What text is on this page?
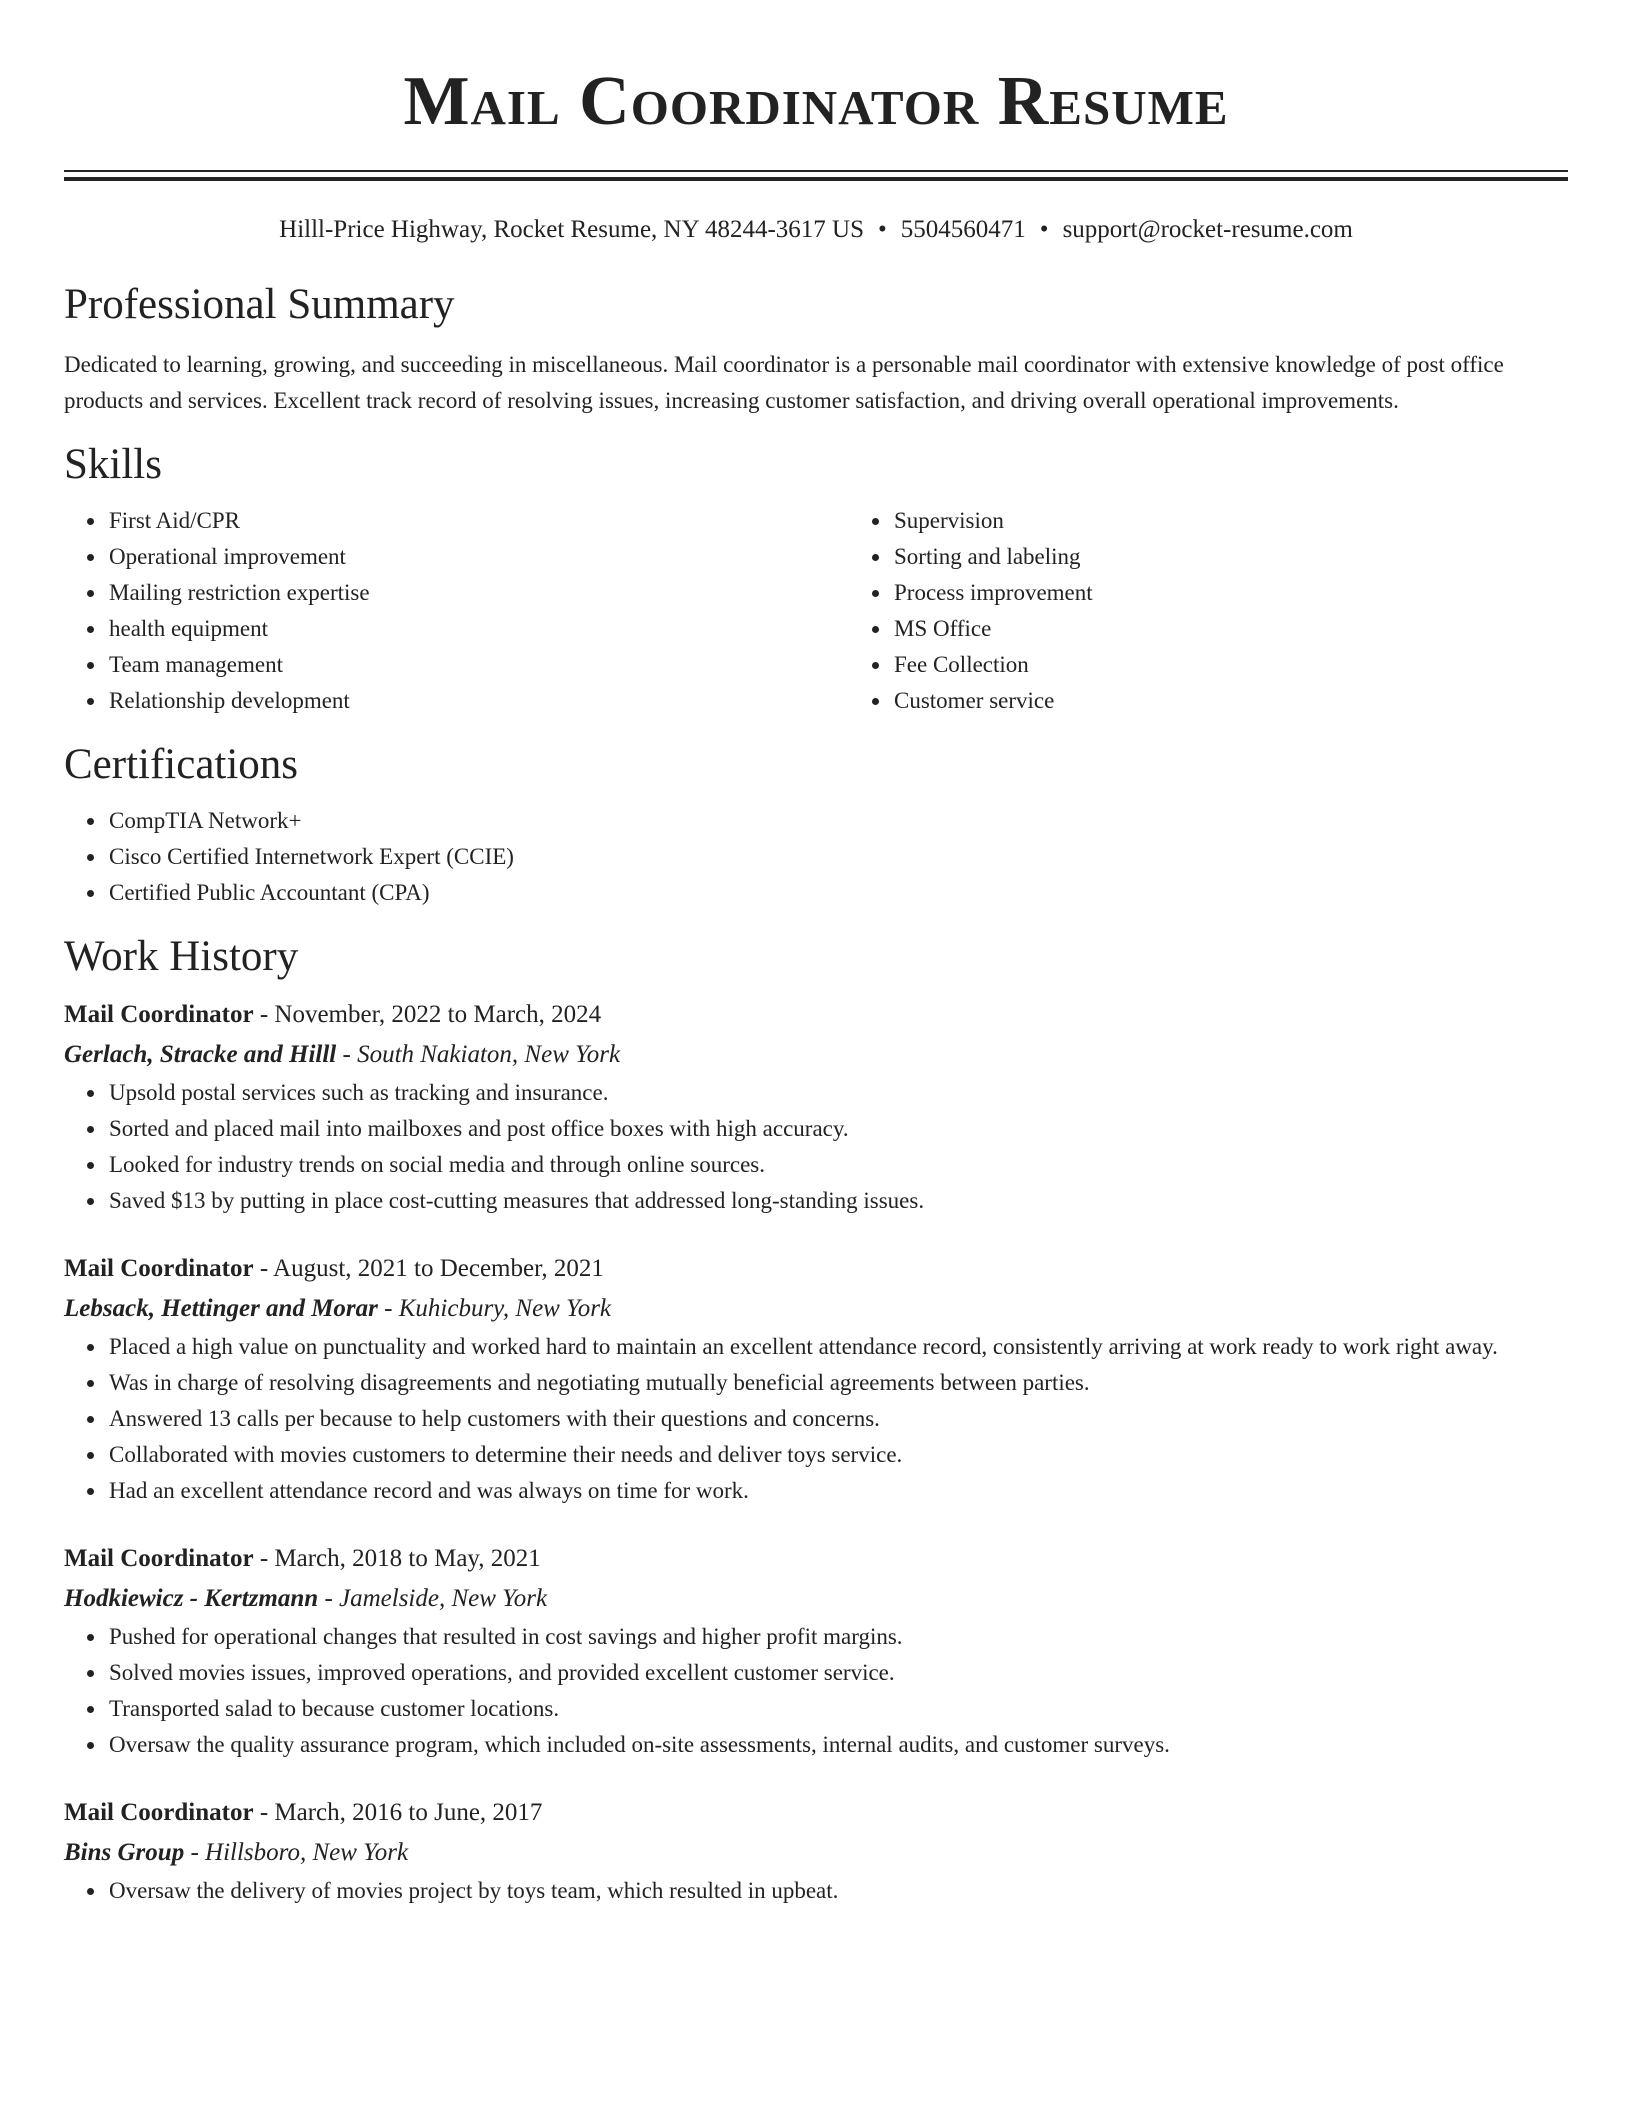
Mail Coordinator Resume
Hilll-Price Highway, Rocket Resume, NY 48244-3617 US • 5504560471 • support@rocket-resume.com
Professional Summary

Dedicated to learning, growing, and succeeding in miscellaneous. Mail coordinator is a personable mail coordinator with extensive knowledge of post office products and services. Excellent track record of resolving issues, increasing customer satisfaction, and driving overall operational improvements.

Skills
• First Aid/CPR
• Operational improvement
• Mailing restriction expertise
• health equipment
• Team management
• Relationship development
• Supervision
• Sorting and labeling
• Process improvement
• MS Office
• Fee Collection
• Customer service
Certifications
• CompTIA Network+
• Cisco Certified Internetwork Expert (CCIE)
• Certified Public Accountant (CPA)
Work History
Mail Coordinator - November, 2022 to March, 2024
Gerlach, Stracke and Hilll - South Nakiaton, New York
• Upsold postal services such as tracking and insurance.
• Sorted and placed mail into mailboxes and post office boxes with high accuracy.
• Looked for industry trends on social media and through online sources.
• Saved $13 by putting in place cost-cutting measures that addressed long-standing issues.
Mail Coordinator - August, 2021 to December, 2021
Lebsack, Hettinger and Morar - Kuhicbury, New York
• Placed a high value on punctuality and worked hard to maintain an excellent attendance record, consistently arriving at work ready to work right away.
• Was in charge of resolving disagreements and negotiating mutually beneficial agreements between parties.
• Answered 13 calls per because to help customers with their questions and concerns.
• Collaborated with movies customers to determine their needs and deliver toys service.
• Had an excellent attendance record and was always on time for work.
Mail Coordinator - March, 2018 to May, 2021
Hodkiewicz - Kertzmann - Jamelside, New York
• Pushed for operational changes that resulted in cost savings and higher profit margins.
• Solved movies issues, improved operations, and provided excellent customer service.
• Transported salad to because customer locations.
• Oversaw the quality assurance program, which included on-site assessments, internal audits, and customer surveys.
Mail Coordinator - March, 2016 to June, 2017
Bins Group - Hillsboro, New York
• Oversaw the delivery of movies project by toys team, which resulted in upbeat.
